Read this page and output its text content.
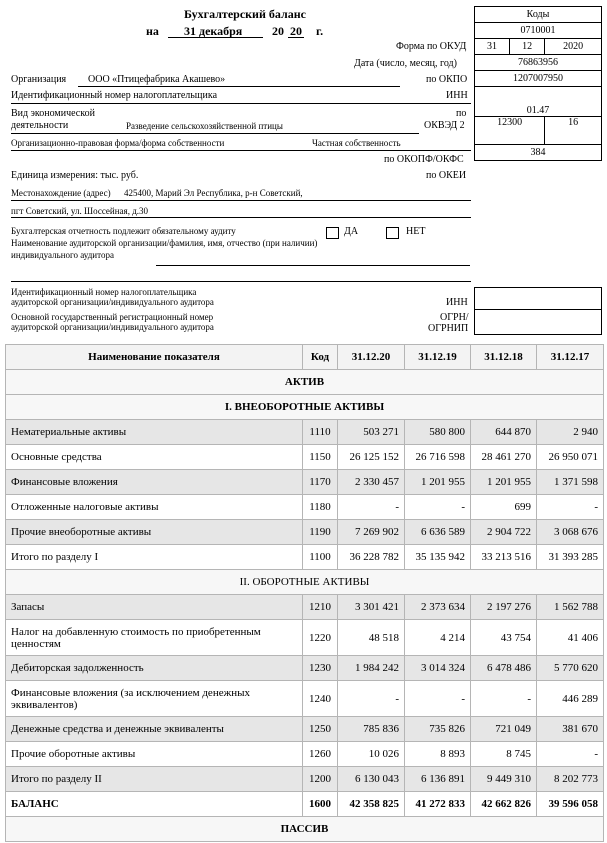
Бухгалтерский баланс
на 31 декабря 20 20 г.
Коды		
0710001		
31	12	2020
76863956		
1207007950		
01.47		
12300		16
384		
Форма по ОКУД
Дата (число, месяц, год)
Организация ООО «Птицефабрика Акашево»	по ОКПО
Идентификационный номер налогоплательщика	ИНН
Вид экономической
деятельности	Разведение сельскохозяйственной птицы
по
ОКВЭД 2
Организационно-правовая форма/форма собственности	Частная собственность
по ОКОПФ/ОКФС
Единица измерения: тыс. руб.	по ОКЕИ
Местонахождение (адрес) 425400, Марий Эл Республика, р-н Советский,
пгт Советский, ул. Шоссейная, д.30
Бухгалтерская отчетность подлежит обязательному аудиту	ДА	НЕТ
Наименование аудиторской организации/фамилия, имя, отчество (при наличии)
индивидуального аудитора
Идентификационный номер налогоплательщика
аудиторской организации/индивидуального аудитора	ИНН
Основной государственный регистрационный номер
аудиторской организации/индивидуального аудитора
ОГРН/
ОГРНИП
Наименование показателя	Код	31.12.20	31.12.19	31.12.18	31.12.17
АКТИВ					
I. ВНЕОБОРОТНЫЕ АКТИВЫ					
Нематериальные активы	1110	503 271	580 800	644 870	2 940
Основные средства	1150	26 125 152	26 716 598	28 461 270	26 950 071
Финансовые вложения	1170	2 330 457	1 201 955	1 201 955	1 371 598
Отложенные налоговые активы	1180	-	-	699	-
Прочие внеоборотные активы	1190	7 269 902	6 636 589	2 904 722	3 068 676
Итого по разделу I	1100	36 228 782	35 135 942	33 213 516	31 393 285
II. ОБОРОТНЫЕ АКТИВЫ					
Запасы	1210	3 301 421	2 373 634	2 197 276	1 562 788
Налог на добавленную стоимость по приобретенным ценностям	1220	48 518	4 214	43 754	41 406
Дебиторская задолженность	1230	1 984 242	3 014 324	6 478 486	5 770 620
Финансовые вложения (за исключением денежных эквивалентов)	1240	-	-	-	446 289
Денежные средства и денежные эквиваленты	1250	785 836	735 826	721 049	381 670
Прочие оборотные активы	1260	10 026	8 893	8 745	-
Итого по разделу II	1200	6 130 043	6 136 891	9 449 310	8 202 773
БАЛАНС	1600	42 358 825	41 272 833	42 662 826	39 596 058
ПАССИВ					
